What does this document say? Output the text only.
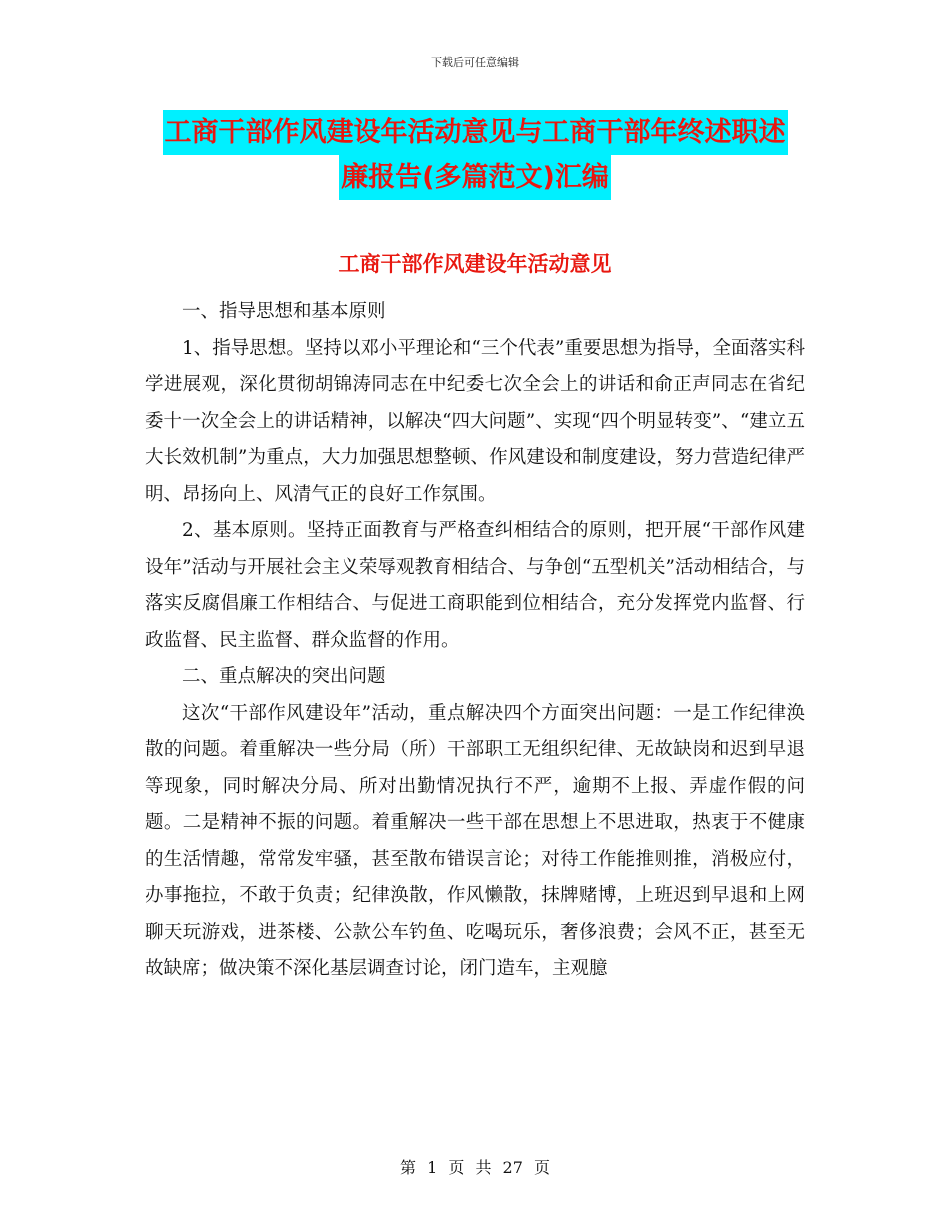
下载后可任意编辑
工商干部作风建设年活动意见与工商干部年终述职述
廉报告(多篇范文)汇编
工商干部作风建设年活动意见

一、指导思想和基本原则

1、指导思想。坚持以邓小平理论和“三个代表”重要思想为指导，全面落实科学进展观，深化贯彻胡锦涛同志在中纪委七次全会上的讲话和俞正声同志在省纪委十一次全会上的讲话精神，以解决“四大问题”、实现“四个明显转变”、“建立五大长效机制”为重点，大力加强思想整顿、作风建设和制度建设，努力营造纪律严明、昂扬向上、风清气正的良好工作氛围。

2、基本原则。坚持正面教育与严格查纠相结合的原则，把开展“干部作风建设年”活动与开展社会主义荣辱观教育相结合、与争创“五型机关”活动相结合，与落实反腐倡廉工作相结合、与促进工商职能到位相结合，充分发挥党内监督、行政监督、民主监督、群众监督的作用。

二、重点解决的突出问题

这次“干部作风建设年”活动，重点解决四个方面突出问题：一是工作纪律涣散的问题。着重解决一些分局（所）干部职工无组织纪律、无故缺岗和迟到早退等现象，同时解决分局、所对出勤情况执行不严，逾期不上报、弄虚作假的问题。二是精神不振的问题。着重解决一些干部在思想上不思进取，热衷于不健康的生活情趣，常常发牢骚，甚至散布错误言论；对待工作能推则推，消极应付，办事拖拉，不敢于负责；纪律涣散，作风懒散，抹牌赌博，上班迟到早退和上网聊天玩游戏，进茶楼、公款公车钓鱼、吃喝玩乐，奢侈浪费；会风不正，甚至无故缺席；做决策不深化基层调查讨论，闭门造车，主观臆

第 1 页 共 27 页
